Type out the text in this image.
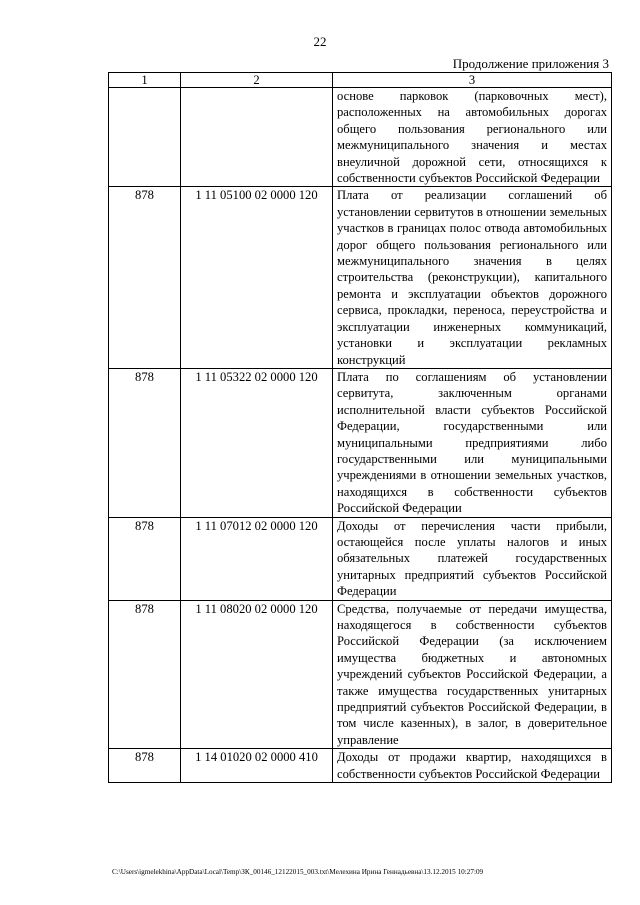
22
Продолжение приложения 3
1	2	3
		основе парковок (парковочных мест), расположенных на автомобильных дорогах общего пользования регионального или межмуниципального значения и местах внеуличной дорожной сети, относящихся к собственности субъектов Российской Федерации
878	1 11 05100 02 0000 120	Плата от реализации соглашений об установлении сервитутов в отношении земельных участков в границах полос отвода автомобильных дорог общего пользования регионального или межмуниципального значения в целях строительства (реконструкции), капитального ремонта и эксплуатации объектов дорожного сервиса, прокладки, переноса, переустройства и эксплуатации инженерных коммуникаций, установки и эксплуатации рекламных конструкций
878	1 11 05322 02 0000 120	Плата по соглашениям об установлении сервитута, заключенным органами исполнительной власти субъектов Российской Федерации, государственными или муниципальными предприятиями либо государственными или муниципальными учреждениями в отношении земельных участков, находящихся в собственности субъектов Российской Федерации
878	1 11 07012 02 0000 120	Доходы от перечисления части прибыли, остающейся после уплаты налогов и иных обязательных платежей государственных унитарных предприятий субъектов Российской Федерации
878	1 11 08020 02 0000 120	Средства, получаемые от передачи имущества, находящегося в собственности субъектов Российской Федерации (за исключением имущества бюджетных и автономных учреждений субъектов Российской Федерации, а также имущества государственных унитарных предприятий субъектов Российской Федерации, в том числе казенных), в залог, в доверительное управление
878	1 14 01020 02 0000 410	Доходы от продажи квартир, находящихся в собственности субъектов Российской Федерации
C:\Users\igmelekhina\AppData\Local\Temp\ЗК_00146_12122015_003.txt\Мелехина Ирина Геннадьевна\13.12.2015 10:27:09
